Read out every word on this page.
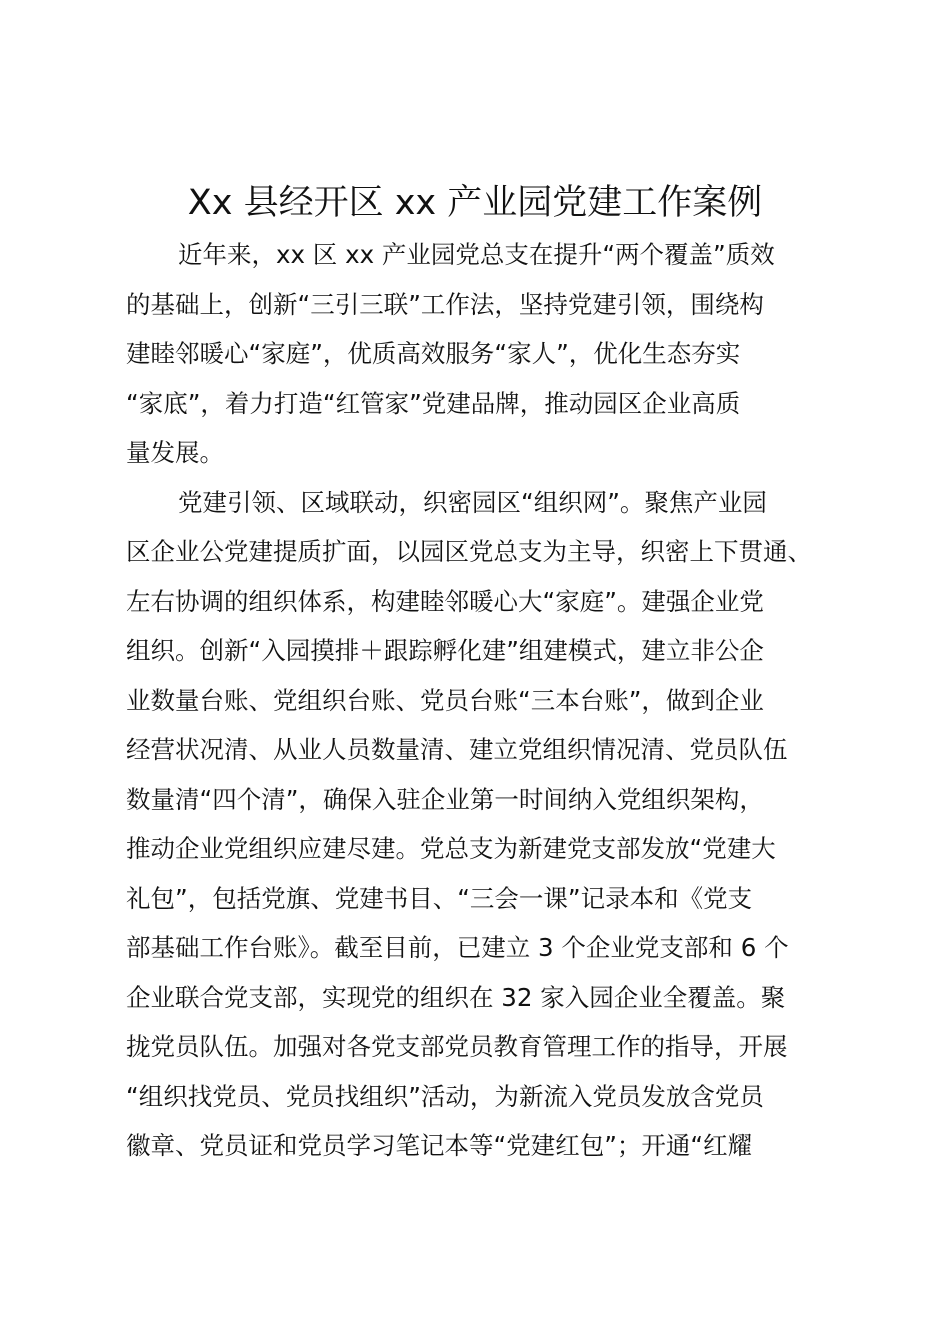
Xx 县经开区 xx 产业园党建工作案例
近年来，xx 区 xx 产业园党总支在提升“两个覆盖”质效
的基础上，创新“三引三联”工作法，坚持党建引领，围绕构
建睦邻暖心“家庭”，优质高效服务“家人”，优化生态夯实
“家底”，着力打造“红管家”党建品牌，推动园区企业高质
量发展。
党建引领、区域联动，织密园区“组织网”。聚焦产业园
区企业公党建提质扩面，以园区党总支为主导，织密上下贯通、
左右协调的组织体系，构建睦邻暖心大“家庭”。建强企业党
组织。创新“入园摸排＋跟踪孵化建”组建模式，建立非公企
业数量台账、党组织台账、党员台账“三本台账”，做到企业
经营状况清、从业人员数量清、建立党组织情况清、党员队伍
数量清“四个清”，确保入驻企业第一时间纳入党组织架构，
推动企业党组织应建尽建。党总支为新建党支部发放“党建大
礼包”，包括党旗、党建书目、“三会一课”记录本和《党支
部基础工作台账》。截至目前，已建立 3 个企业党支部和 6 个
企业联合党支部，实现党的组织在 32 家入园企业全覆盖。聚
拢党员队伍。加强对各党支部党员教育管理工作的指导，开展
“组织找党员、党员找组织”活动，为新流入党员发放含党员
徽章、党员证和党员学习笔记本等“党建红包”；开通“红耀
